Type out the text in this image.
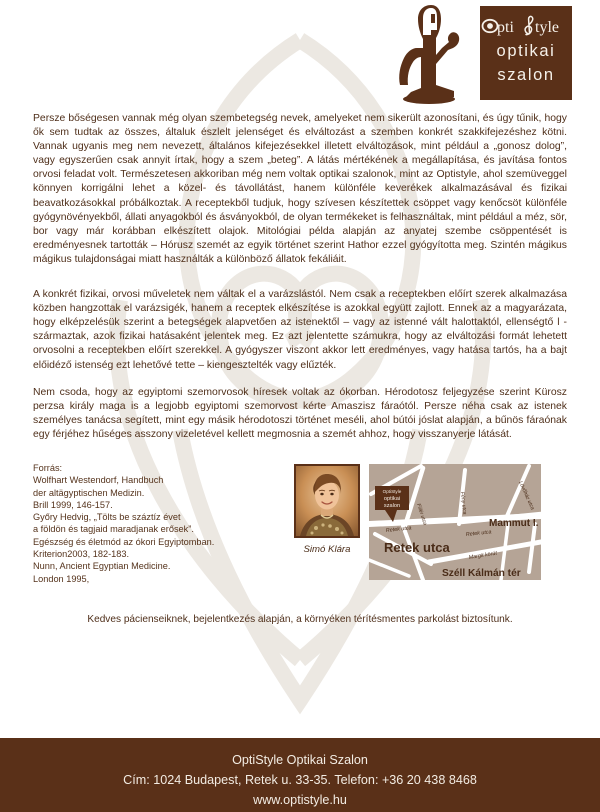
pti tyle
optikai
szalon

Persze bőségesen vannak még olyan szembetegség nevek, amelyeket nem sikerült azonosítani, és úgy tűnik, hogy ők sem tudtak az összes, általuk észlelt jelenséget és elváltozást a szemben konkrét szakkifejezéshez kötni. Vannak ugyanis meg nem nevezett, általános kifejezésekkel illetett elváltozások, mint például a „gonosz dolog”, vagy egyszerűen csak annyit írtak, hogy a szem „beteg”. A látás mértékének a megállapítása, és javítása fontos orvosi feladat volt. Természetesen akkoriban még nem voltak optikai szalonok, mint az Optistyle, ahol szemüveggel könnyen korrigálni lehet a közel- és távollátást, hanem különféle keverékek alkalmazásával és fizikai beavatkozásokkal próbálkoztak. A receptekből tudjuk, hogy szívesen készítettek csöppet vagy kenőcsöt különféle gyógynövényekből, állati anyagokból és ásványokból, de olyan termékeket is felhasználtak, mint például a méz, sör, bor vagy már korábban elkészített olajok. Mitológiai példa alapján az anyatej szembe csöppentését is eredményesnek tartották – Hórusz szemét az egyik történet szerint Hathor ezzel gyógyította meg. Szintén mágikus mágikus tulajdonságai miatt használták a különböző állatok fekáliáit.

A konkrét fizikai, orvosi műveletek nem váltak el a varázslástól. Nem csak a receptekben előírt szerek alkalmazása közben hangzottak el varázsigék, hanem a receptek elkészítése is azokkal együtt zajlott. Ennek az a magyarázata, hogy elképzelésük szerint a betegségek alapvetően az istenektől – vagy az istenné vált halottaktól, ellenségtő l - származtak, azok fizikai hatásaként jelentek meg. Ez azt jelentette számukra, hogy az elváltozási formát lehetett orvosolni a receptekben előírt szerekkel. A gyógyszer viszont akkor lett eredményes, vagy hatása tartós, ha a bajt előidéző istenség ezt lehetővé tette – kiengesztelték vagy elűzték.

Nem csoda, hogy az egyiptomi szemorvosok híresek voltak az ókorban. Hérodotosz feljegyzése szerint Kürosz perzsa király maga is a legjobb egyiptomi szemorvost kérte Amaszisz fáraótól. Persze néha csak az istenek személyes tanácsa segített, mint egy másik hérodotoszi történet meséli, ahol bútói jóslat alapján, a bűnös fáraónak egy férjéhez hűséges asszony vizeletével kellett megmosnia a szemét ahhoz, hogy visszanyerje látását.

Forrás:
Wolfhart Westendorf, Handbuch
der altägyptischen Medizin.
Brill 1999, 146-157.
Győry Hedvig, „Tölts be száztíz évet
a földön és tagjaid maradjanak erősek”.
Egészség és életmód az ókori Egyiptomban.
Kriterion2003, 182-183.
Nunn, Ancient Egyptian Medicine.
London 1995,
Simó Klára
OptiStyle
optikai
szalon
Retek utca
Retek utca
Retek utca
Fillér utca	Fény utca	Lövőház utca
Margit körút
Széll Kálmán tér
Mammut I.
Kedves pácienseiknek, bejelentkezés alapján, a környéken térítésmentes parkolást biztosítunk.
OptiStyle Optikai Szalon
Cím: 1024 Budapest, Retek u. 33-35. Telefon: +36 20 438 8468
www.optistyle.hu
